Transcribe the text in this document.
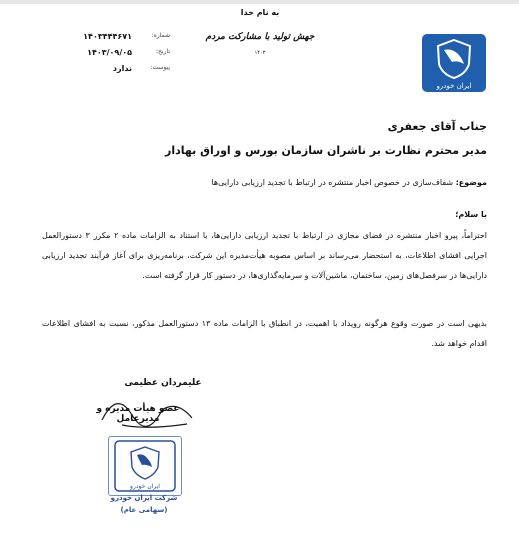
به نام خدا
جهش تولید با مشارکت مردم
۱۴۰۳
ایران خودرو
شماره:
۱۴۰۳۴۴۴۶۷۱
تاریخ:
۱۴۰۳/۰۹/۰۵
پیوست:
ندارد
جناب آقای جعفری
مدیر محترم نظارت بر ناشران سازمان بورس و اوراق بهادار
موضوع: شفاف‌سازی در خصوص اخبار منتشره در ارتباط با تجدید ارزیابی دارایی‌ها
با سلام؛
احتراماً، پیرو اخبار منتشره در فضای مجازی در ارتباط با تجدید ارزیابی دارایی‌ها، با استناد به الزامات ماده ۲ مکرر ۳ دستورالعمل اجرایی افشای اطلاعات، به استحضار می‌رساند بر اساس مصوبه هیأت‌مدیره این شرکت، برنامه‌ریزی برای آغاز فرآیند تجدید ارزیابی دارایی‌ها در سرفصل‌های زمین، ساختمان، ماشین‌آلات و سرمایه‌گذاری‌ها، در دستور کار قرار گرفته است.
بدیهی است در صورت وقوع هرگونه رویداد با اهمیت، در انطباق با الزامات ماده ۱۳ دستورالعمل مذکور، نسبت به افشای اطلاعات اقدام خواهد شد.
علیمردان عظیمی
عضو هیأت مدیره و مدیرعامل
ایران خودرو
شرکت ایران خودرو
(سهامی عام)
